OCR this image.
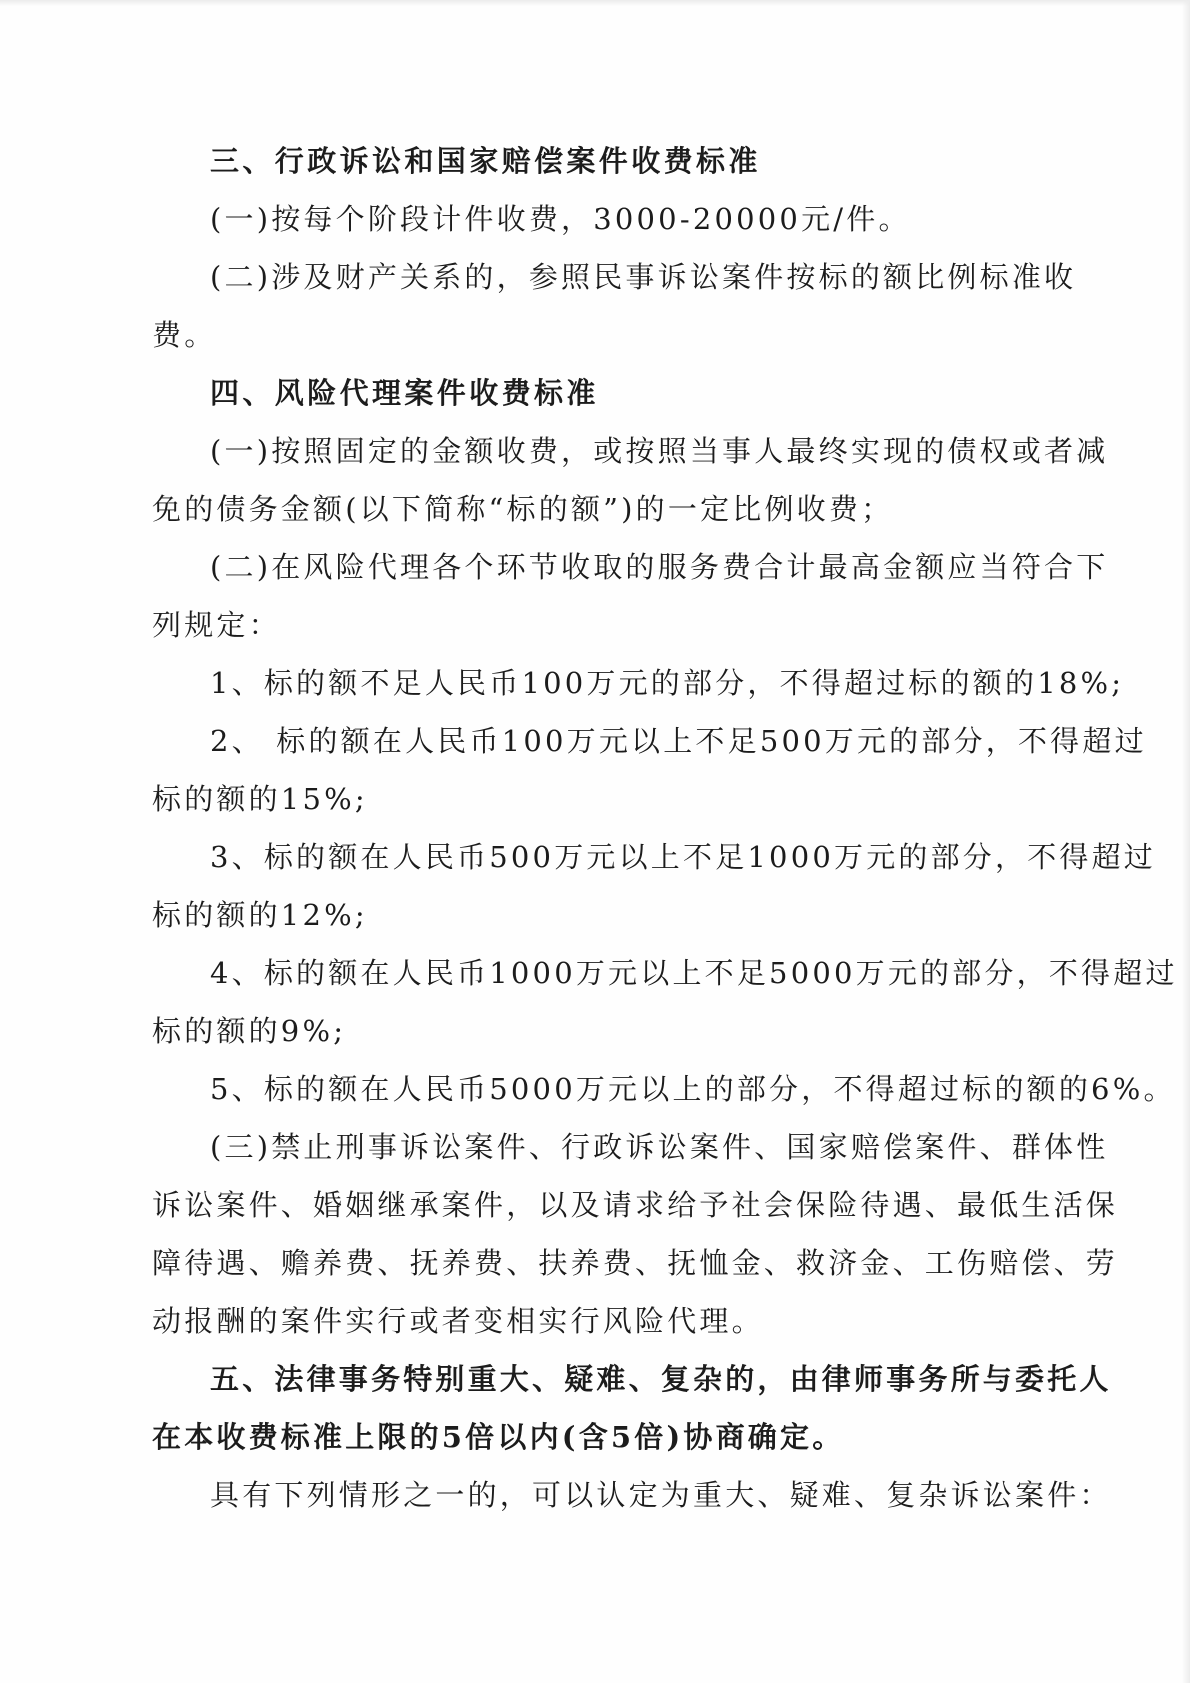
三、行政诉讼和国家赔偿案件收费标准

(一)按每个阶段计件收费，3000-20000元/件。

(二)涉及财产关系的，参照民事诉讼案件按标的额比例标准收

费。

四、风险代理案件收费标准

(一)按照固定的金额收费，或按照当事人最终实现的债权或者减

免的债务金额(以下简称“标的额”)的一定比例收费；

(二)在风险代理各个环节收取的服务费合计最高金额应当符合下

列规定：

1、标的额不足人民币100万元的部分，不得超过标的额的18%;

2、 标的额在人民币100万元以上不足500万元的部分，不得超过

标的额的15%;

3、标的额在人民币500万元以上不足1000万元的部分，不得超过

标的额的12%;

4、标的额在人民币1000万元以上不足5000万元的部分，不得超过

标的额的9%;

5、标的额在人民币5000万元以上的部分，不得超过标的额的6%。

(三)禁止刑事诉讼案件、行政诉讼案件、国家赔偿案件、群体性

诉讼案件、婚姻继承案件，以及请求给予社会保险待遇、最低生活保

障待遇、赡养费、抚养费、扶养费、抚恤金、救济金、工伤赔偿、劳

动报酬的案件实行或者变相实行风险代理。

五、法律事务特别重大、疑难、复杂的，由律师事务所与委托人

在本收费标准上限的5倍以内(含5倍)协商确定。

具有下列情形之一的，可以认定为重大、疑难、复杂诉讼案件：
